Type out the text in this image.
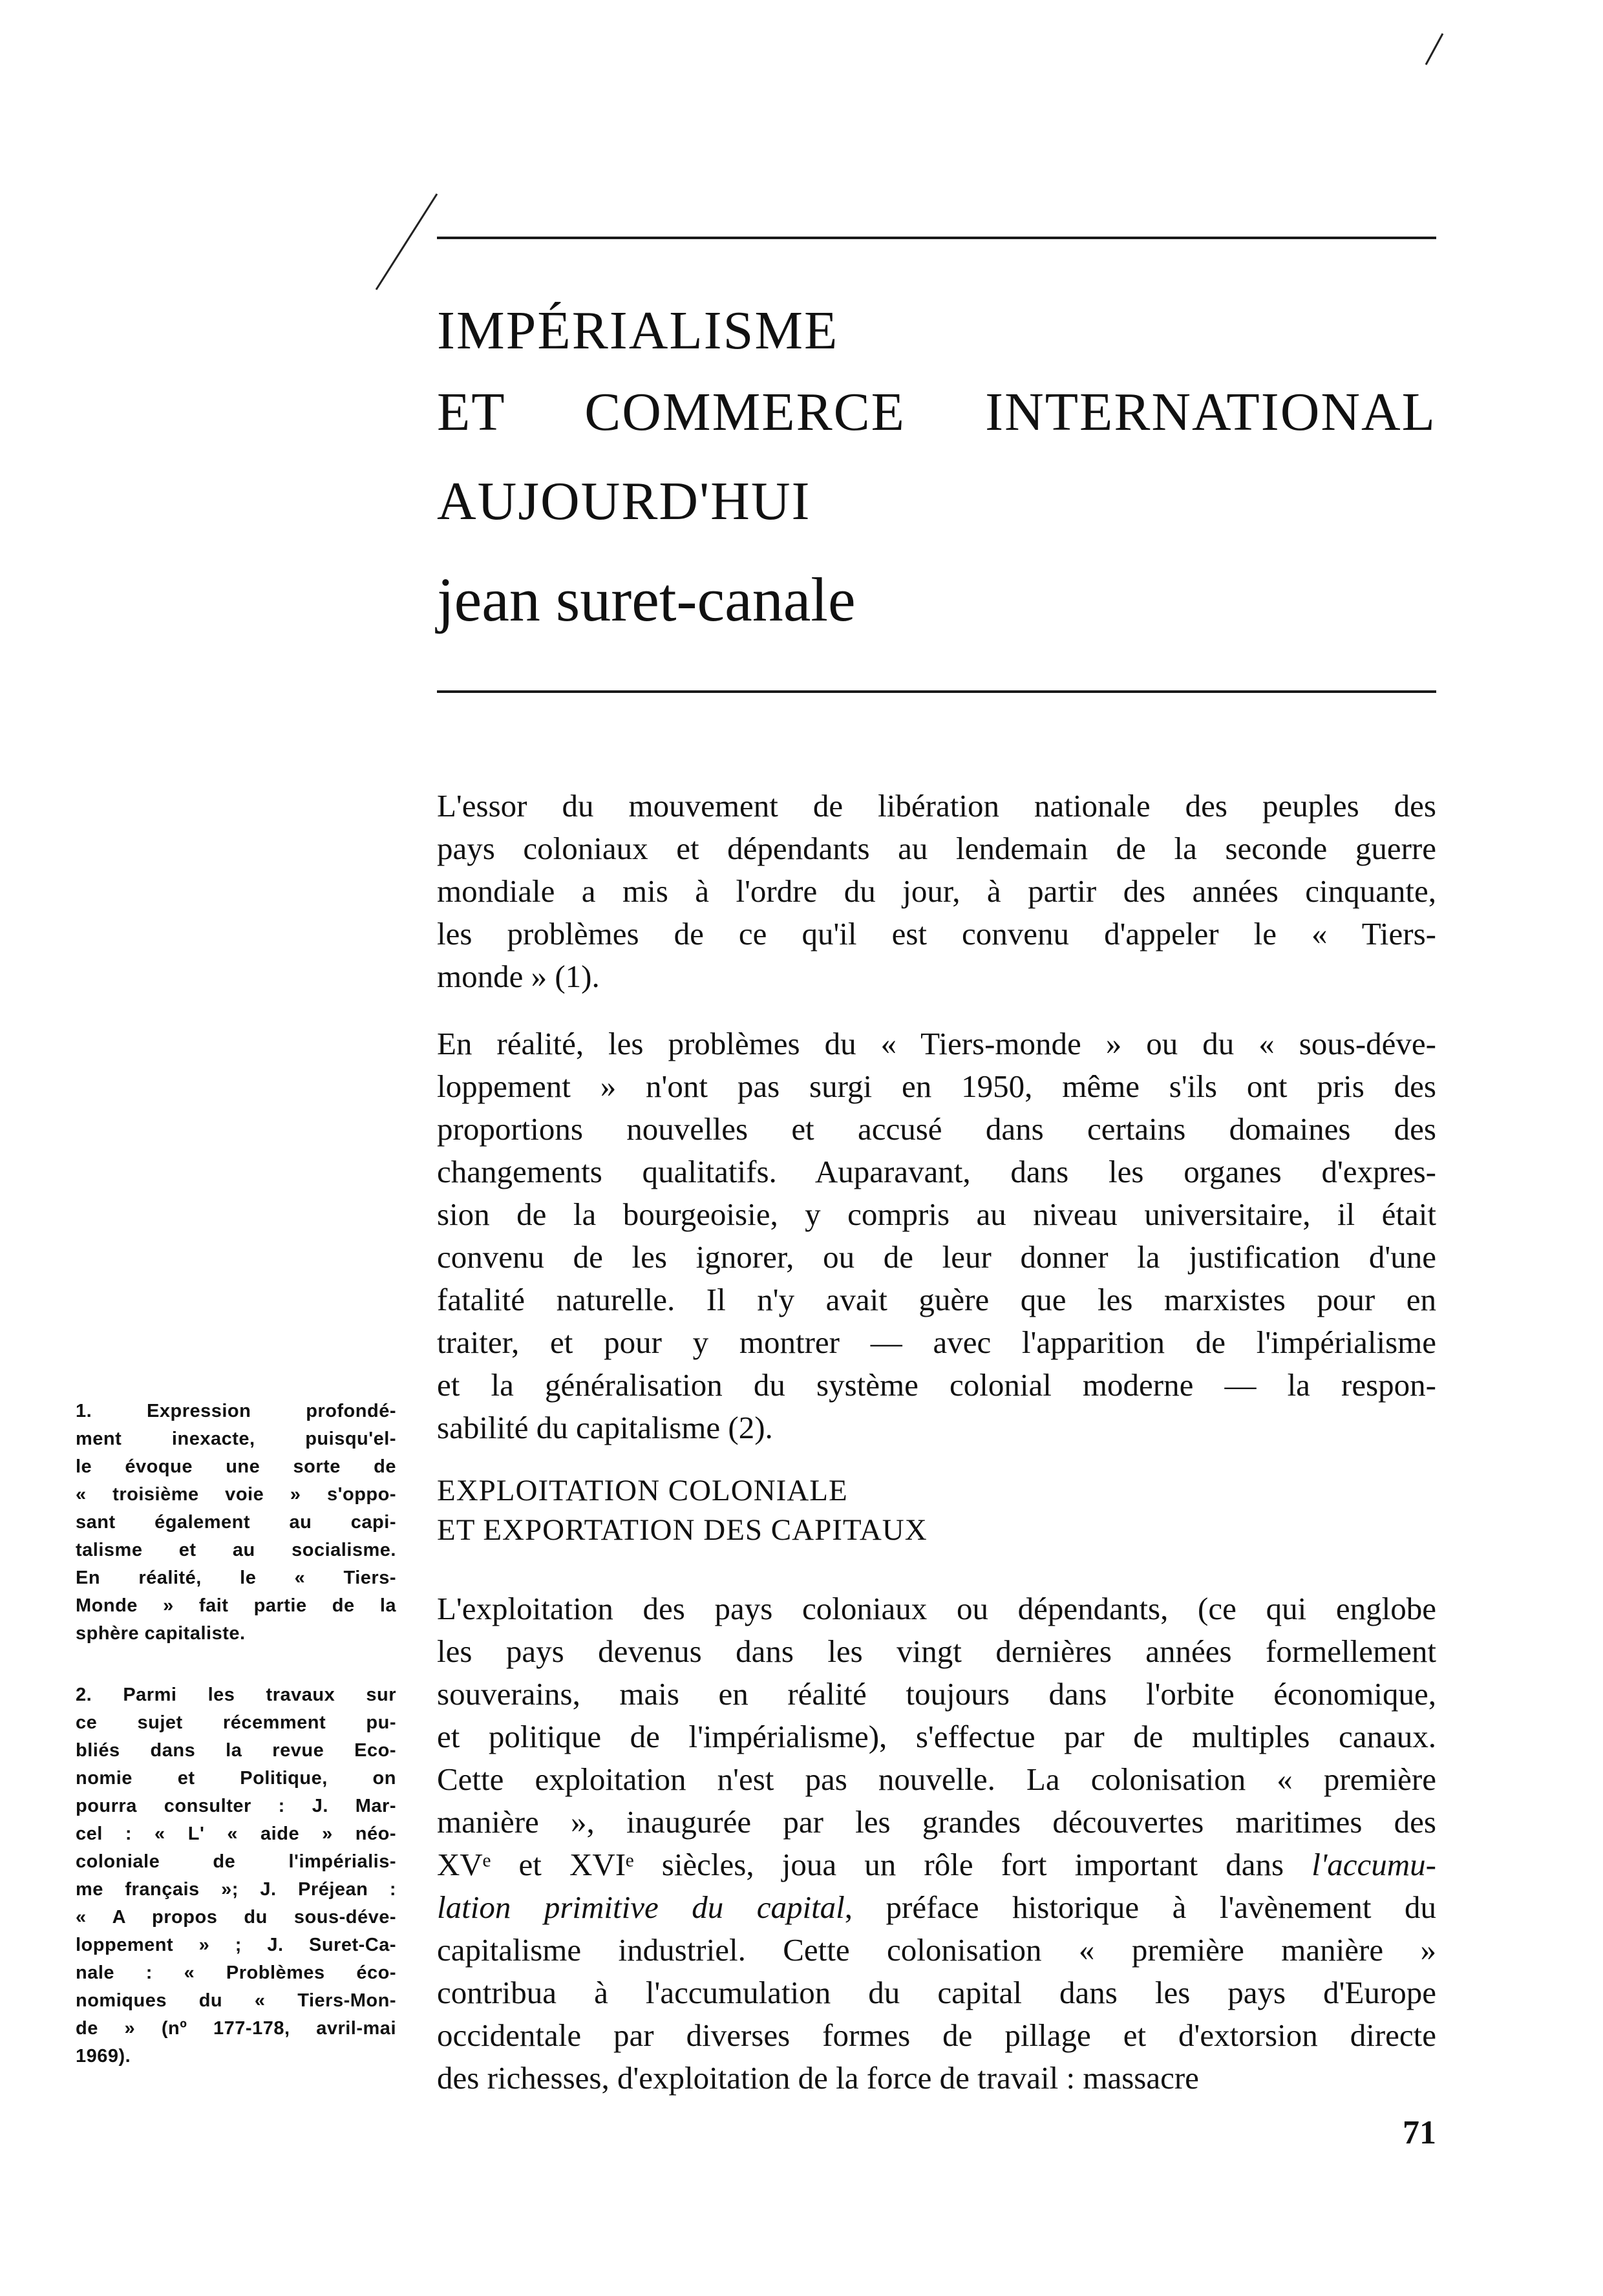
IMPÉRIALISME
ET COMMERCE INTERNATIONAL
AUJOURD'HUI
jean suret-canale
L'essor du mouvement de libération nationale des peuples des
pays coloniaux et dépendants au lendemain de la seconde guerre
mondiale a mis à l'ordre du jour, à partir des années cinquante,
les problèmes de ce qu'il est convenu d'appeler le « Tiers-
monde » (1).
En réalité, les problèmes du « Tiers-monde » ou du « sous-déve-
loppement » n'ont pas surgi en 1950, même s'ils ont pris des
proportions nouvelles et accusé dans certains domaines des
changements qualitatifs. Auparavant, dans les organes d'expres-
sion de la bourgeoisie, y compris au niveau universitaire, il était
convenu de les ignorer, ou de leur donner la justification d'une
fatalité naturelle. Il n'y avait guère que les marxistes pour en
traiter, et pour y montrer — avec l'apparition de l'impérialisme
et la généralisation du système colonial moderne — la respon-
sabilité du capitalisme (2).
EXPLOITATION COLONIALE
ET EXPORTATION DES CAPITAUX
L'exploitation des pays coloniaux ou dépendants, (ce qui englobe
les pays devenus dans les vingt dernières années formellement
souverains, mais en réalité toujours dans l'orbite économique,
et politique de l'impérialisme), s'effectue par de multiples canaux.
Cette exploitation n'est pas nouvelle. La colonisation « première
manière », inaugurée par les grandes découvertes maritimes des
XVᵉ et XVIᵉ siècles, joua un rôle fort important dans l'accumu-
lation primitive du capital, préface historique à l'avènement du
capitalisme industriel. Cette colonisation « première manière »
contribua à l'accumulation du capital dans les pays d'Europe
occidentale par diverses formes de pillage et d'extorsion directe
des richesses, d'exploitation de la force de travail : massacre
1. Expression profondé-
ment inexacte, puisqu'el-
le évoque une sorte de
« troisième voie » s'oppo-
sant également au capi-
talisme et au socialisme.
En réalité, le « Tiers-
Monde » fait partie de la
sphère capitaliste.
2. Parmi les travaux sur
ce sujet récemment pu-
bliés dans la revue Eco-
nomie et Politique, on
pourra consulter : J. Mar-
cel : « L' « aide » néo-
coloniale de l'impérialis-
me français »; J. Préjean :
« A propos du sous-déve-
loppement » ; J. Suret-Ca-
nale : « Problèmes éco-
nomiques du « Tiers-Mon-
de » (nº 177-178, avril-mai
1969).
71
